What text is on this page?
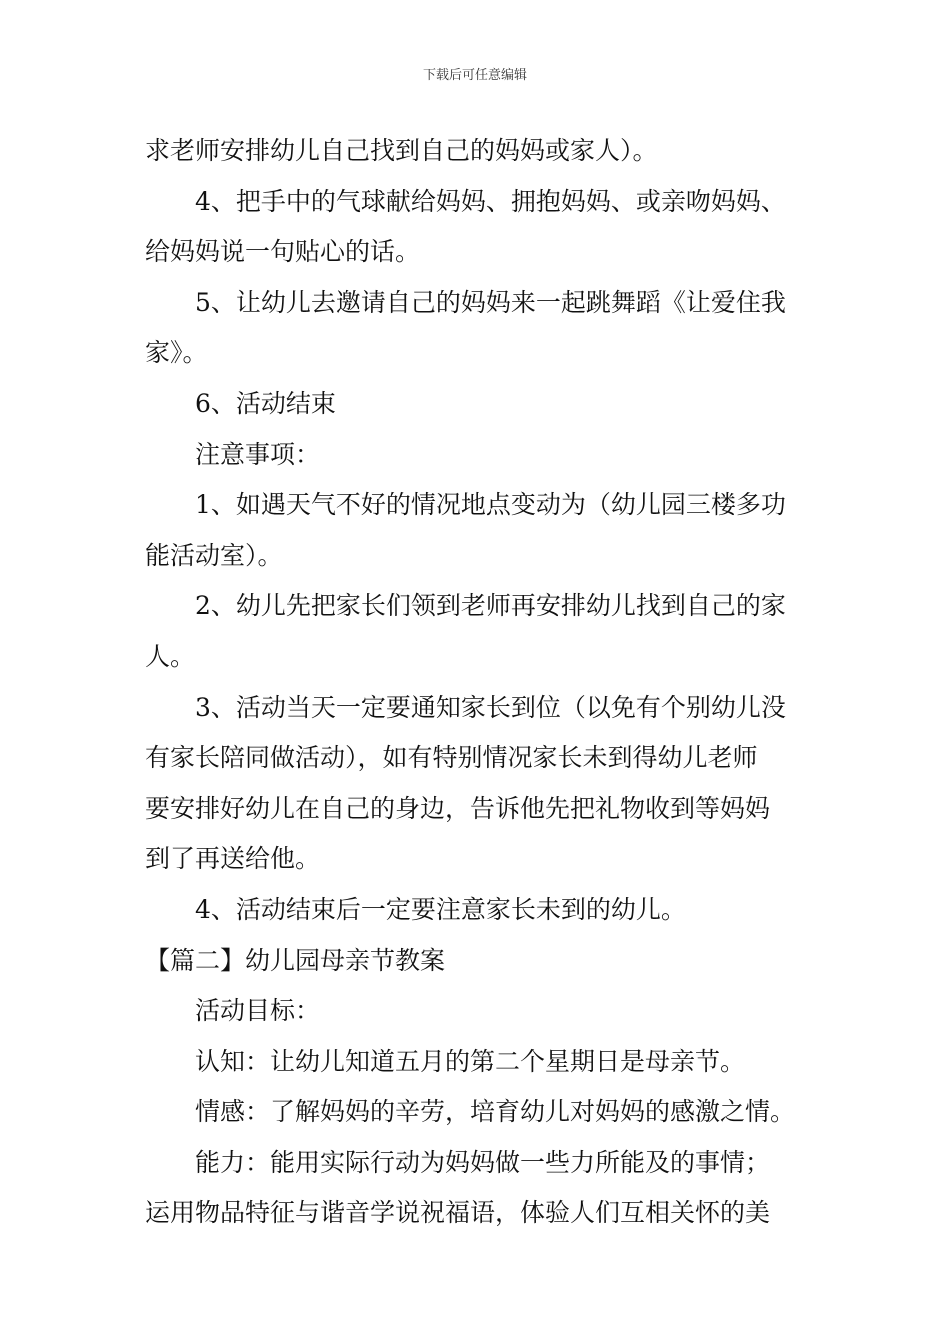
下载后可任意编辑
求老师安排幼儿自己找到自己的妈妈或家人）。
4、把手中的气球献给妈妈、拥抱妈妈、或亲吻妈妈、
给妈妈说一句贴心的话。
5、让幼儿去邀请自己的妈妈来一起跳舞蹈《让爱住我
家》。
6、活动结束
注意事项：
1、如遇天气不好的情况地点变动为（幼儿园三楼多功
能活动室）。
2、幼儿先把家长们领到老师再安排幼儿找到自己的家
人。
3、活动当天一定要通知家长到位（以免有个别幼儿没
有家长陪同做活动），如有特别情况家长未到得幼儿老师
要安排好幼儿在自己的身边，告诉他先把礼物收到等妈妈
到了再送给他。
4、活动结束后一定要注意家长未到的幼儿。
【篇二】幼儿园母亲节教案
活动目标：
认知：让幼儿知道五月的第二个星期日是母亲节。
情感：了解妈妈的辛劳，培育幼儿对妈妈的感激之情。
能力：能用实际行动为妈妈做一些力所能及的事情；
运用物品特征与谐音学说祝福语，体验人们互相关怀的美
